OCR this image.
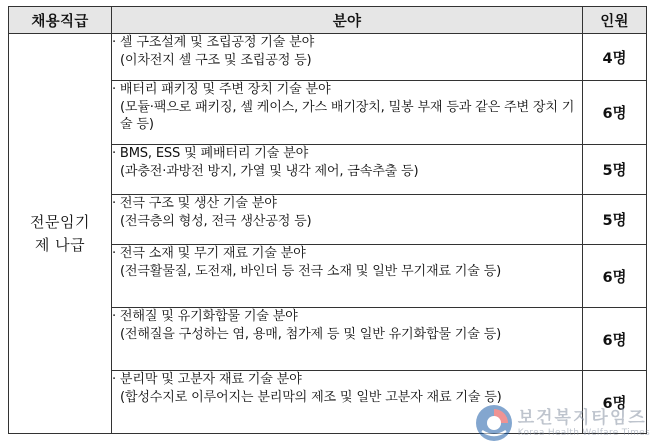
채용직급	분야	인원
전문임기제 나급	· 셀 구조설계 및 조립공정 기술 분야
(이차전지 셀 구조 및 조립공정 등)	4명

	· 배터리 패키징 및 주변 장치 기술 분야
(모듈·팩으로 패키징, 셀 케이스, 가스 배기장치, 밀봉 부재 등과 같은 주변 장치 기술 등)	6명

	· BMS, ESS 및 폐배터리 기술 분야
(과충전·과방전 방지, 가열 및 냉각 제어, 금속추출 등)	5명

	· 전극 구조 및 생산 기술 분야
(전극층의 형성, 전극 생산공정 등)	5명

	· 전극 소재 및 무기 재료 기술 분야
(전극활물질, 도전재, 바인더 등 전극 소재 및 일반 무기재료 기술 등)	6명

	· 전해질 및 유기화합물 기술 분야
(전해질을 구성하는 염, 용매, 첨가제 등 및 일반 유기화합물 기술 등)	6명

	· 분리막 및 고분자 재료 기술 분야
(합성수지로 이루어지는 분리막의 제조 및 일반 고분자 재료 기술 등)	6명
보건복지타임즈
Korea Health Welfare Times
